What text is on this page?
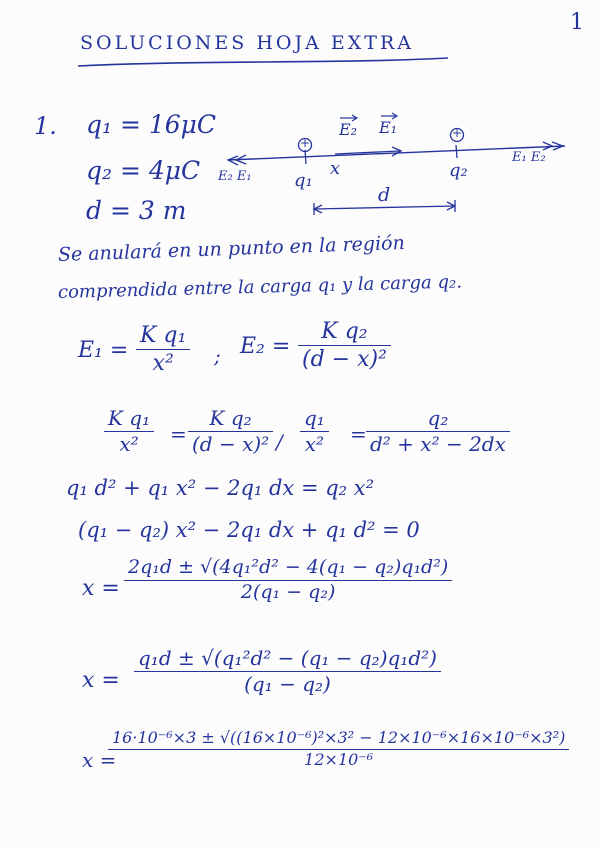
1
SOLUCIONES HOJA EXTRA
1. q₁ = 16μC
q₂ = 4μC
d = 3 m
+
+
E₂ E₁
x
q₁	q₂
E₂ E₁
E₁ E₂
d
Se anulará en un punto en la región
comprendida entre la carga q₁ y la carga q₂.
E₁ =
K q₁
x² ; E₂ =
K q₂
(d − x)²
K q₁
x² =
K q₂
(d − x)² /
q₁
x² =
q₂
d² + x² − 2dx
q₁ d² + q₁ x² − 2q₁ dx = q₂ x²
(q₁ − q₂) x² − 2q₁ dx + q₁ d² = 0
x =
2q₁d ± √(4q₁²d² − 4(q₁ − q₂)q₁d²)
2(q₁ − q₂)
x =
q₁d ± √(q₁²d² − (q₁ − q₂)q₁d²)
(q₁ − q₂)
x =
16·10⁻⁶×3 ± √((16×10⁻⁶)²×3² − 12×10⁻⁶×16×10⁻⁶×3²)
12×10⁻⁶
